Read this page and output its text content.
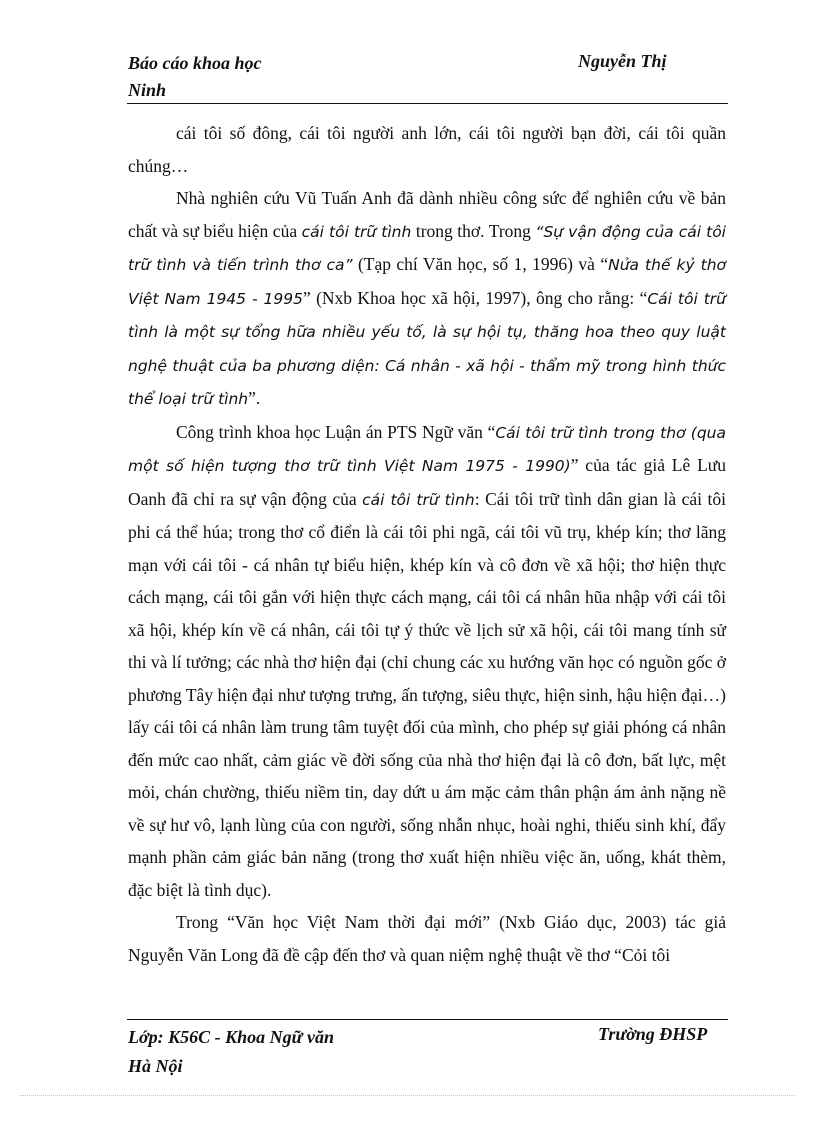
Báo cáo khoa học
Ninh
Nguyễn Thị

cái tôi số đông, cái tôi người anh lớn, cái tôi người bạn đời, cái tôi quần chúng…

Nhà nghiên cứu Vũ Tuấn Anh đã dành nhiều công sức để nghiên cứu về bản chất và sự biểu hiện của cái tôi trữ tình trong thơ. Trong “Sự vận động của cái tôi trữ tình và tiến trình thơ ca” (Tạp chí Văn học, số 1, 1996) và “Nửa thế kỷ thơ Việt Nam 1945 - 1995” (Nxb Khoa học xã hội, 1997), ông cho rằng: “Cái tôi trữ tình là một sự tổng hữa nhiều yếu tố, là sự hội tụ, thăng hoa theo quy luật nghệ thuật của ba phương diện: Cá nhân - xã hội - thẩm mỹ trong hình thức thể loại trữ tình”.

Công trình khoa học Luận án PTS Ngữ văn “Cái tôi trữ tình trong thơ (qua một số hiện tượng thơ trữ tình Việt Nam 1975 - 1990)” của tác giả Lê Lưu Oanh đã chỉ ra sự vận động của cái tôi trữ tình: Cái tôi trữ tình dân gian là cái tôi phi cá thể húa; trong thơ cổ điển là cái tôi phi ngã, cái tôi vũ trụ, khép kín; thơ lãng mạn với cái tôi - cá nhân tự biểu hiện, khép kín và cô đơn về xã hội; thơ hiện thực cách mạng, cái tôi gắn với hiện thực cách mạng, cái tôi cá nhân hũa nhập với cái tôi xã hội, khép kín về cá nhân, cái tôi tự ý thức về lịch sử xã hội, cái tôi mang tính sử thi và lí tưởng; các nhà thơ hiện đại (chỉ chung các xu hướng văn học có nguồn gốc ở phương Tây hiện đại như tượng trưng, ấn tượng, siêu thực, hiện sinh, hậu hiện đại…) lấy cái tôi cá nhân làm trung tâm tuyệt đối của mình, cho phép sự giải phóng cá nhân đến mức cao nhất, cảm giác về đời sống của nhà thơ hiện đại là cô đơn, bất lực, mệt mỏi, chán chường, thiếu niềm tin, day dứt u ám mặc cảm thân phận ám ảnh nặng nề về sự hư vô, lạnh lùng của con người, sống nhẫn nhục, hoài nghi, thiếu sinh khí, đẩy mạnh phần cảm giác bản năng (trong thơ xuất hiện nhiều việc ăn, uống, khát thèm, đặc biệt là tình dục).

Trong “Văn học Việt Nam thời đại mới” (Nxb Giáo dục, 2003) tác giả Nguyễn Văn Long đã đề cập đến thơ và quan niệm nghệ thuật về thơ “Cỏi tôi

Lớp: K56C - Khoa Ngữ văn
Hà Nội
Trường ĐHSP
